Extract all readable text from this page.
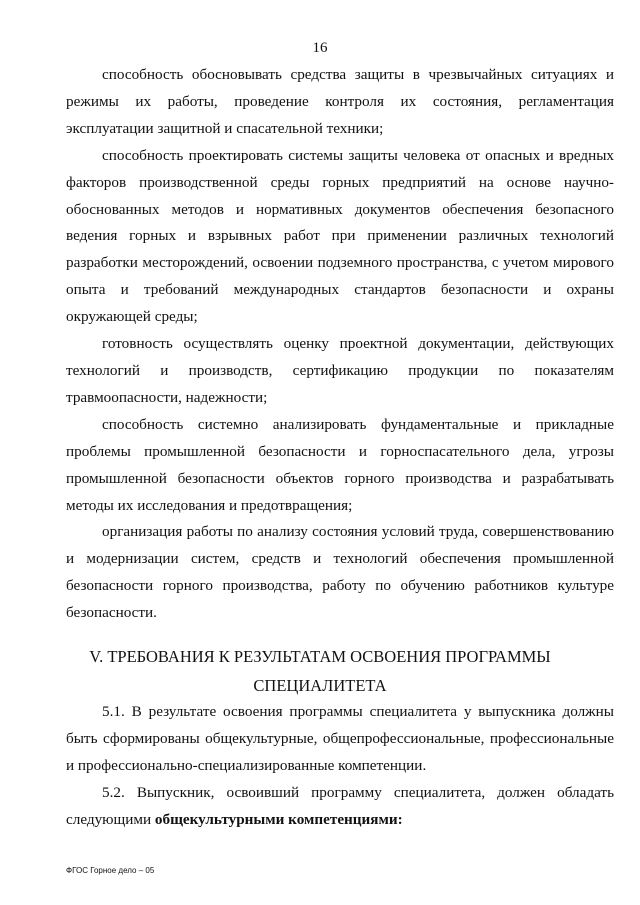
16

способность обосновывать средства защиты в чрезвычайных ситуациях и режимы их работы, проведение контроля их состояния, регламентация эксплуатации защитной и спасательной техники;

способность проектировать системы защиты человека от опасных и вредных факторов производственной среды горных предприятий на основе научно-обоснованных методов и нормативных документов обеспечения безопасного ведения горных и взрывных работ при применении различных технологий разработки месторождений, освоении подземного пространства, с учетом мирового опыта и требований международных стандартов безопасности и охраны окружающей среды;

готовность осуществлять оценку проектной документации, действующих технологий и производств, сертификацию продукции по показателям травмоопасности, надежности;

способность системно анализировать фундаментальные и прикладные проблемы промышленной безопасности и горноспасательного дела, угрозы промышленной безопасности объектов горного производства и разрабатывать методы их исследования и предотвращения;

организация работы по анализу состояния условий труда, совершенствованию и модернизации систем, средств и технологий обеспечения промышленной безопасности горного производства, работу по обучению работников культуре безопасности.

V. ТРЕБОВАНИЯ К РЕЗУЛЬТАТАМ ОСВОЕНИЯ ПРОГРАММЫ
СПЕЦИАЛИТЕТА

5.1. В результате освоения программы специалитета у выпускника должны быть сформированы общекультурные, общепрофессиональные, профессиональные и профессионально-специализированные компетенции.

5.2. Выпускник, освоивший программу специалитета, должен обладать следующими общекультурными компетенциями:

ФГОС Горное дело – 05
